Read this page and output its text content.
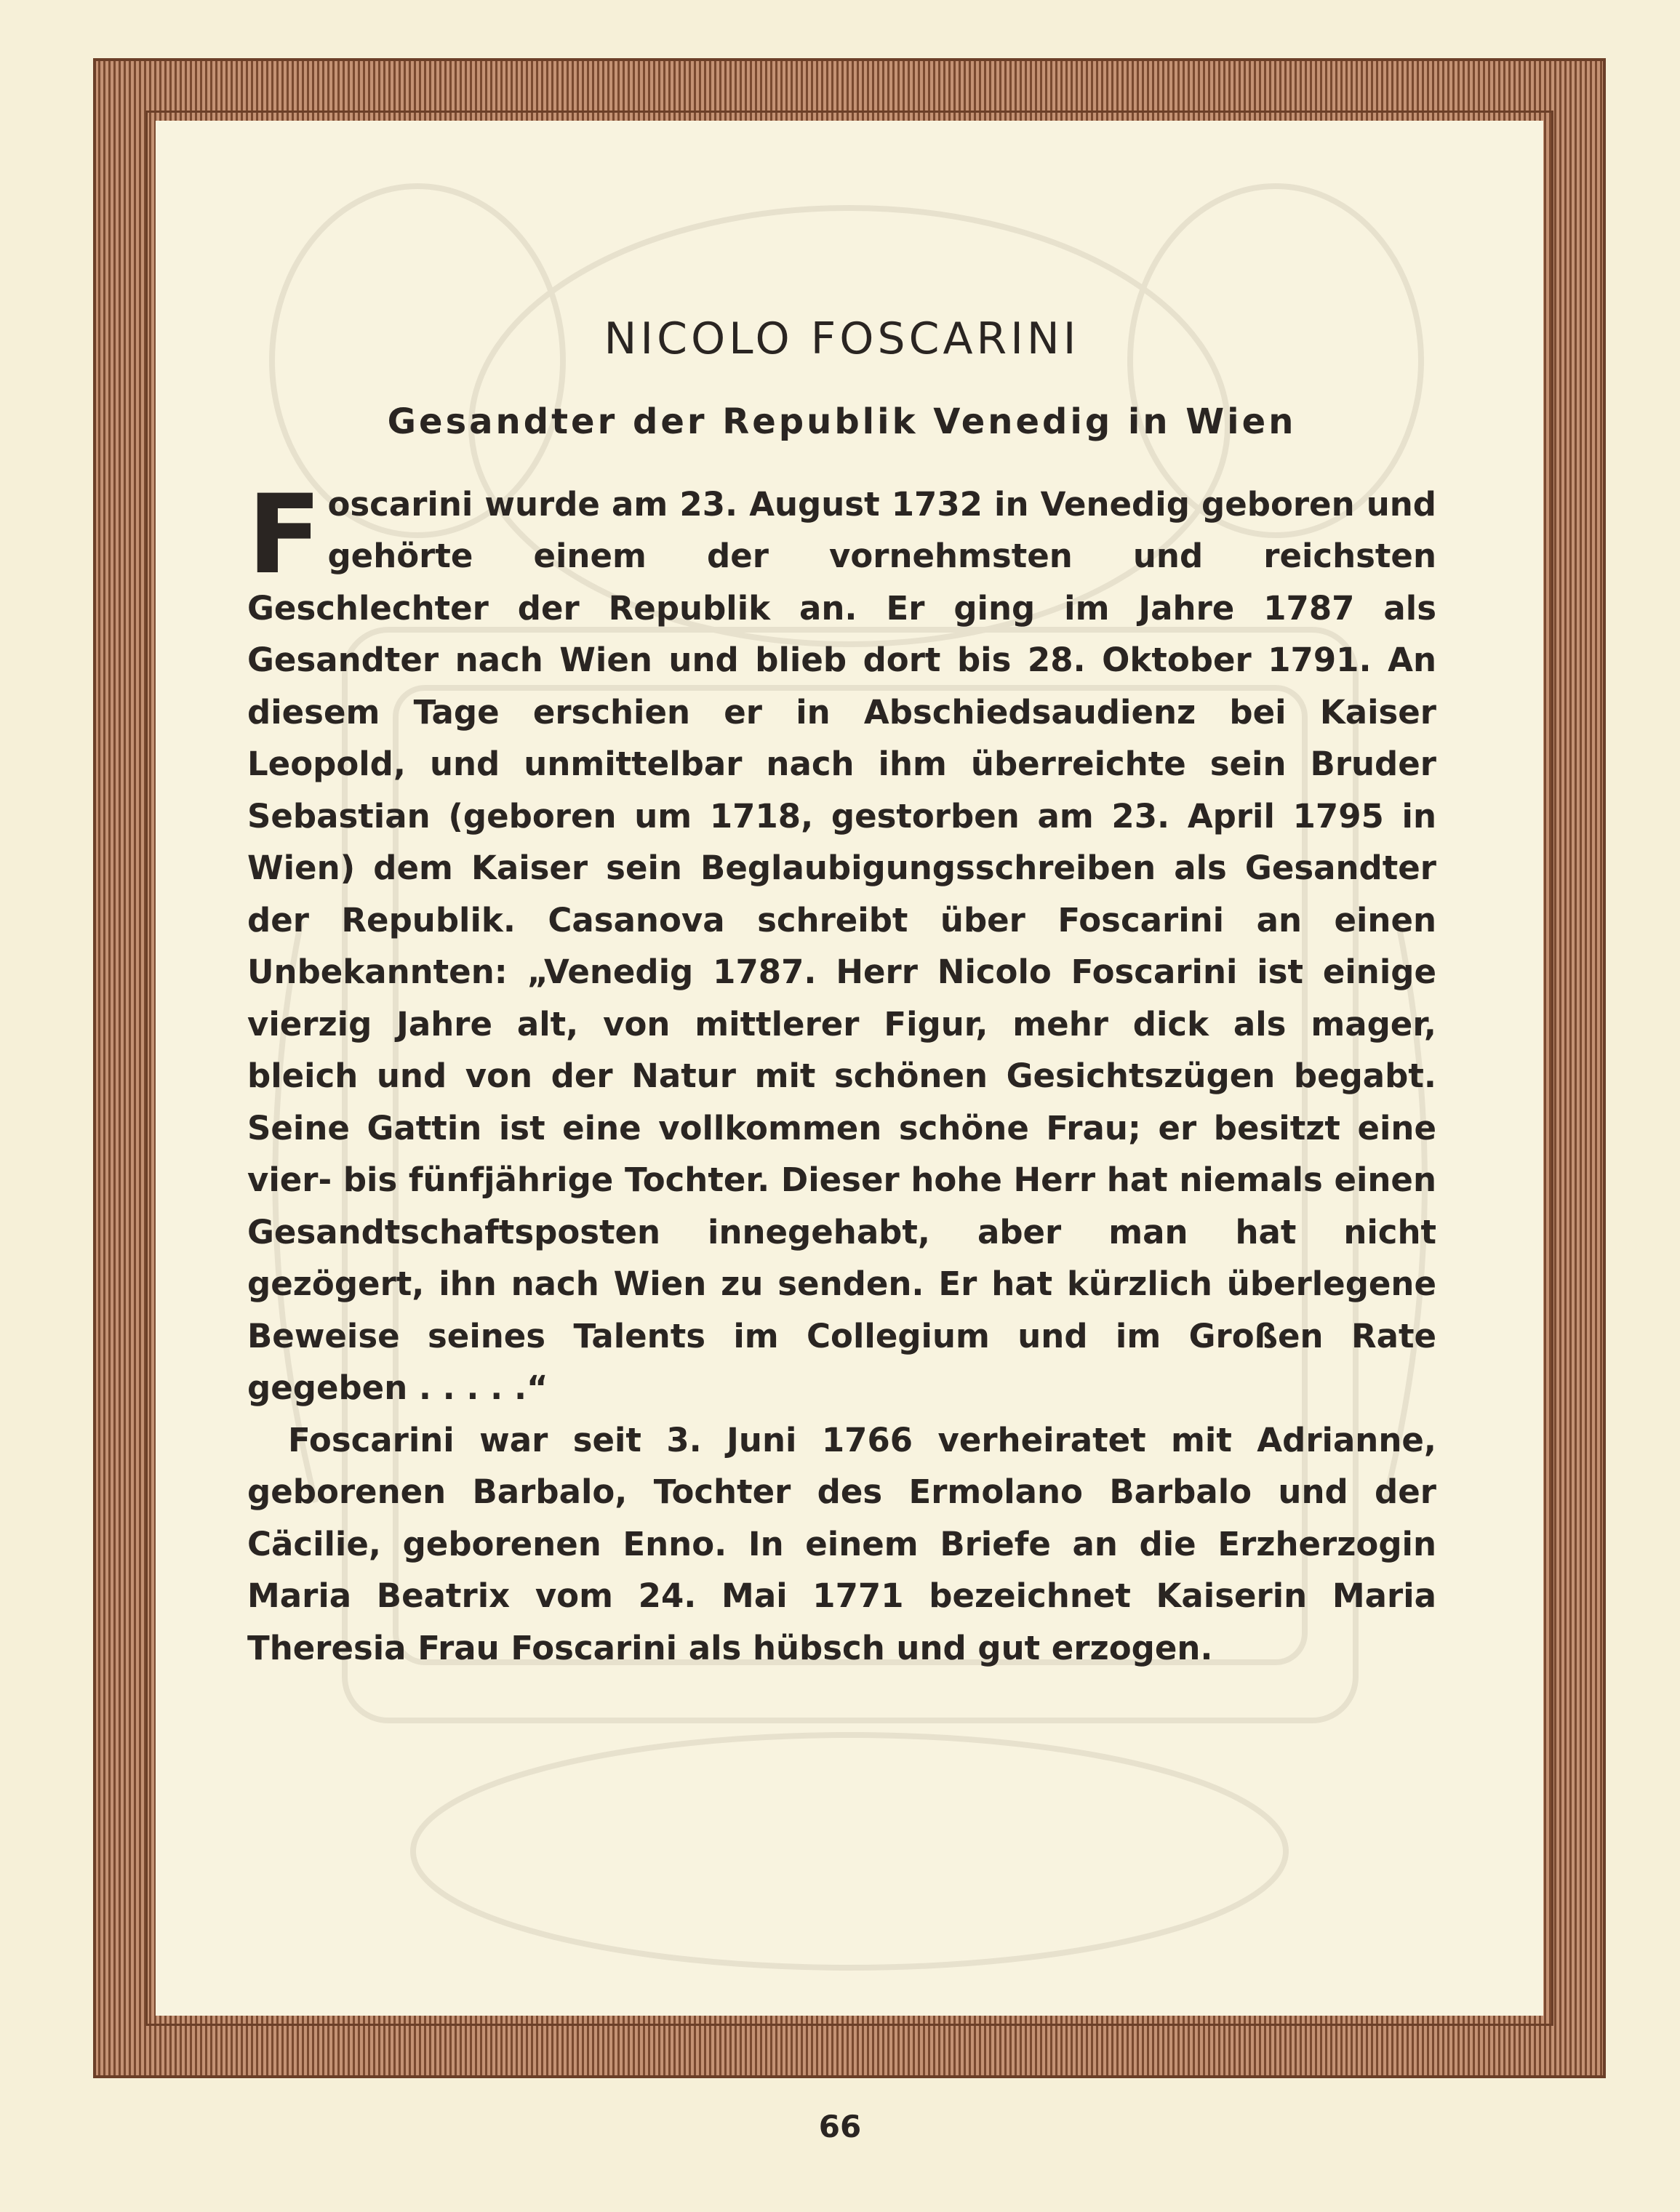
NICOLO FOSCARINI
Gesandter der Republik Venedig in Wien

Foscarini wurde am 23. August 1732 in Venedig geboren und gehörte einem der vornehmsten und reichsten Geschlechter der Republik an. Er ging im Jahre 1787 als Gesandter nach Wien und blieb dort bis 28. Oktober 1791. An diesem Tage erschien er in Abschiedsaudienz bei Kaiser Leopold, und unmittelbar nach ihm überreichte sein Bruder Sebastian (geboren um 1718, gestorben am 23. April 1795 in Wien) dem Kaiser sein Beglaubigungsschreiben als Gesandter der Republik. Casanova schreibt über Foscarini an einen Unbekannten: „Venedig 1787. Herr Nicolo Foscarini ist einige vierzig Jahre alt, von mittlerer Figur, mehr dick als mager, bleich und von der Natur mit schönen Gesichtszügen begabt. Seine Gattin ist eine vollkommen schöne Frau; er besitzt eine vier- bis fünfjährige Tochter. Dieser hohe Herr hat niemals einen Gesandtschaftsposten innegehabt, aber man hat nicht gezögert, ihn nach Wien zu senden. Er hat kürzlich überlegene Beweise seines Talents im Collegium und im Großen Rate gegeben . . . . .“

Foscarini war seit 3. Juni 1766 verheiratet mit Adrianne, geborenen Barbalo, Tochter des Ermolano Barbalo und der Cäcilie, geborenen Enno. In einem Briefe an die Erzherzogin Maria Beatrix vom 24. Mai 1771 bezeichnet Kaiserin Maria Theresia Frau Foscarini als hübsch und gut erzogen.

66
